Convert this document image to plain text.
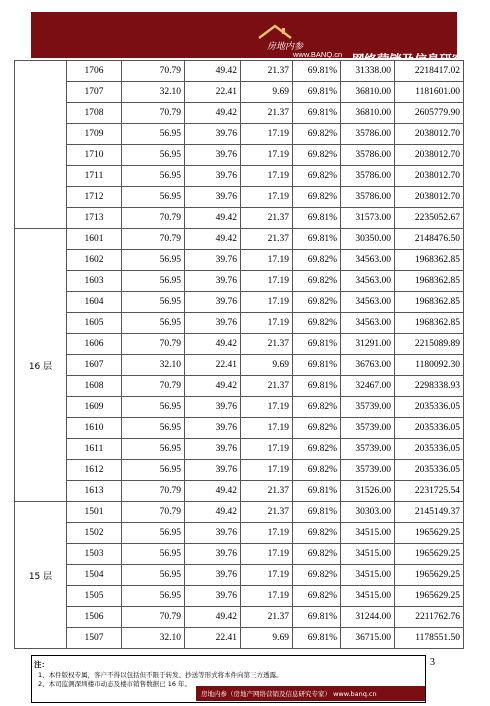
房地内参
www.BANQ.cn 网络营销及信息研究专家
	1706	70.79	49.42	21.37	69.81%	31338.00	2218417.02
	1707	32.10	22.41	9.69	69.81%	36810.00	1181601.00
	1708	70.79	49.42	21.37	69.81%	36810.00	2605779.90
	1709	56.95	39.76	17.19	69.82%	35786.00	2038012.70
	1710	56.95	39.76	17.19	69.82%	35786.00	2038012.70
	1711	56.95	39.76	17.19	69.82%	35786.00	2038012.70
	1712	56.95	39.76	17.19	69.82%	35786.00	2038012.70
	1713	70.79	49.42	21.37	69.81%	31573.00	2235052.67
16 层	1601	70.79	49.42	21.37	69.81%	30350.00	2148476.50
	1602	56.95	39.76	17.19	69.82%	34563.00	1968362.85
	1603	56.95	39.76	17.19	69.82%	34563.00	1968362.85
	1604	56.95	39.76	17.19	69.82%	34563.00	1968362.85
	1605	56.95	39.76	17.19	69.82%	34563.00	1968362.85
	1606	70.79	49.42	21.37	69.81%	31291.00	2215089.89
	1607	32.10	22.41	9.69	69.81%	36763.00	1180092.30
	1608	70.79	49.42	21.37	69.81%	32467.00	2298338.93
	1609	56.95	39.76	17.19	69.82%	35739.00	2035336.05
	1610	56.95	39.76	17.19	69.82%	35739.00	2035336.05
	1611	56.95	39.76	17.19	69.82%	35739.00	2035336.05
	1612	56.95	39.76	17.19	69.82%	35739.00	2035336.05
	1613	70.79	49.42	21.37	69.81%	31526.00	2231725.54
15 层	1501	70.79	49.42	21.37	69.81%	30303.00	2145149.37
	1502	56.95	39.76	17.19	69.82%	34515.00	1965629.25
	1503	56.95	39.76	17.19	69.82%	34515.00	1965629.25
	1504	56.95	39.76	17.19	69.82%	34515.00	1965629.25
	1505	56.95	39.76	17.19	69.82%	34515.00	1965629.25
	1506	70.79	49.42	21.37	69.81%	31244.00	2211762.76
	1507	32.10	22.41	9.69	69.81%	36715.00	1178551.50
注：
1、本件版权专属，客户不得以包括但不限于转发、抄送等形式将本件向第三方透露。
2、本司监测深圳楼市动态及楼市销售数据已 16 年。
房地内参（房地产网络营销及信息研究专家） www.banq.cn
3
